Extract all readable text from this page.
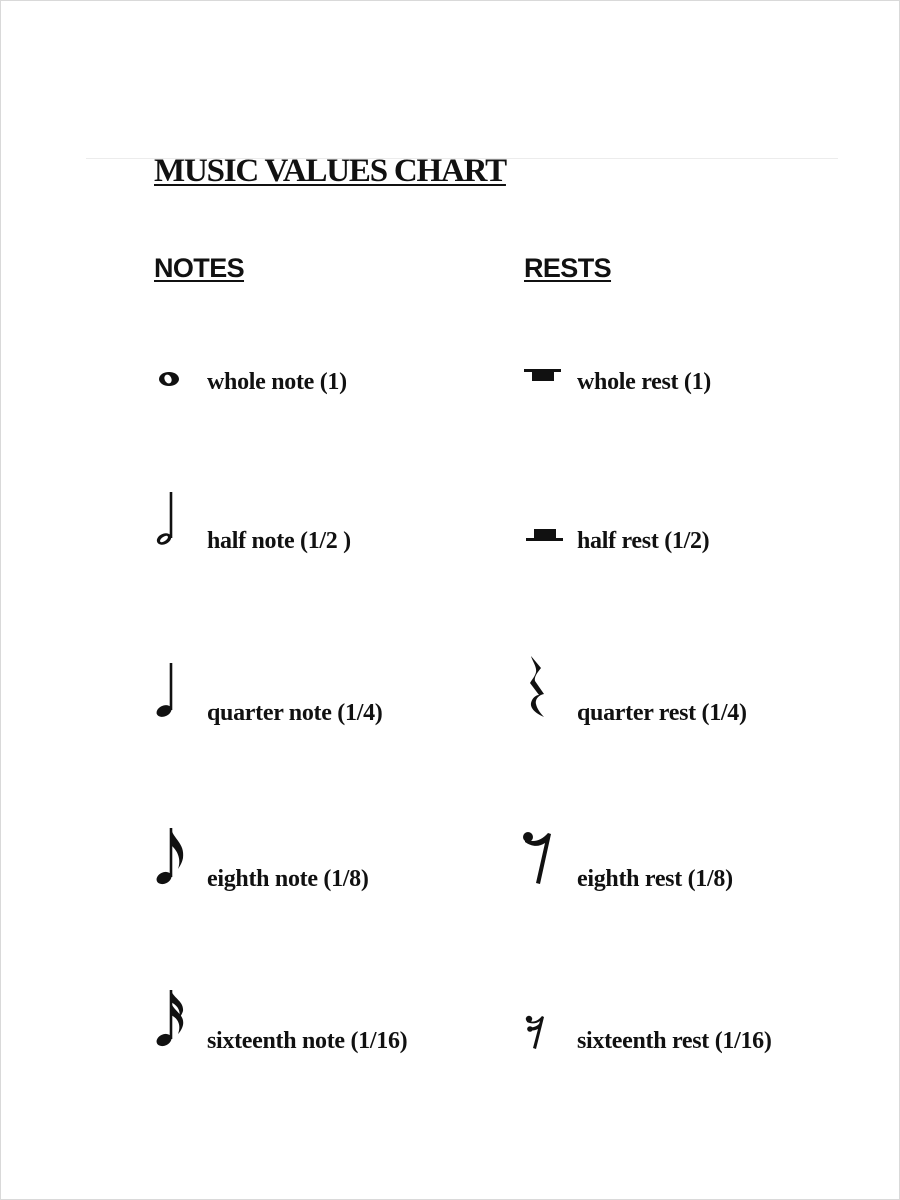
MUSIC VALUES CHART
NOTES	RESTS
whole note (1)
half note (1/2 )
quarter note (1/4)
eighth note (1/8)
sixteenth note (1/16)
whole rest (1)
half rest (1/2)
quarter rest (1/4)
eighth rest (1/8)
sixteenth rest (1/16)
